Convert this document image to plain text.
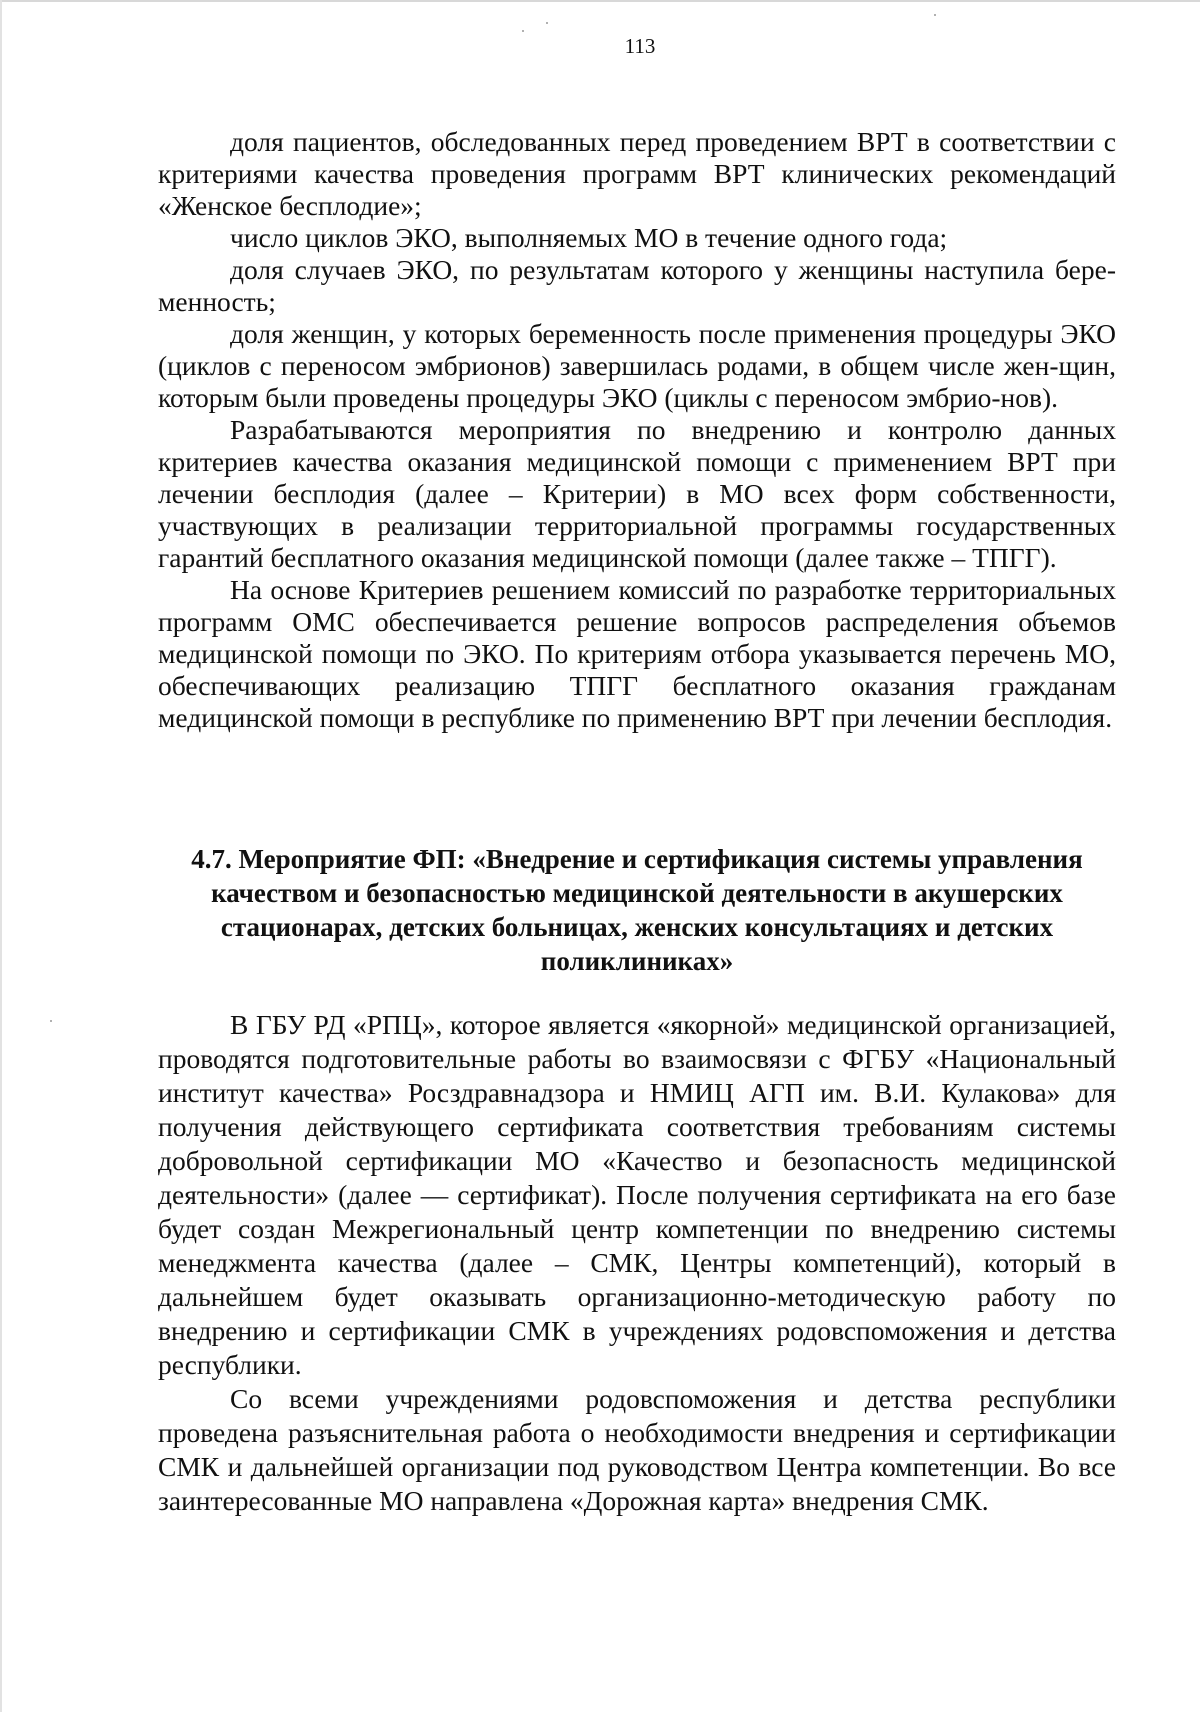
113

доля пациентов, обследованных перед проведением ВРТ в соответствии с критериями качества проведения программ ВРТ клинических рекомендаций «Женское бесплодие»;

число циклов ЭКО, выполняемых МО в течение одного года;

доля случаев ЭКО, по результатам которого у женщины наступила бере-менность;

доля женщин, у которых беременность после применения процедуры ЭКО (циклов с переносом эмбрионов) завершилась родами, в общем числе жен-щин, которым были проведены процедуры ЭКО (циклы с переносом эмбрио-нов).

Разрабатываются мероприятия по внедрению и контролю данных критериев качества оказания медицинской помощи с применением ВРТ при лечении бесплодия (далее – Критерии) в МО всех форм собственности, участвующих в реализации территориальной программы государственных гарантий бесплатного оказания медицинской помощи (далее также – ТПГГ).

На основе Критериев решением комиссий по разработке территориальных программ ОМС обеспечивается решение вопросов распределения объемов медицинской помощи по ЭКО. По критериям отбора указывается перечень МО, обеспечивающих реализацию ТПГГ бесплатного оказания гражданам медицинской помощи в республике по применению ВРТ при лечении бесплодия.

4.7. Мероприятие ФП: «Внедрение и сертификация системы управления качеством и безопасностью медицинской деятельности в акушерских стационарах, детских больницах, женских консультациях и детских поликлиниках»

В ГБУ РД «РПЦ», которое является «якорной» медицинской организацией, проводятся подготовительные работы во взаимосвязи с ФГБУ «Национальный институт качества» Росздравнадзора и НМИЦ АГП им. В.И. Кулакова» для получения действующего сертификата соответствия требованиям системы добровольной сертификации МО «Качество и безопасность медицинской деятельности» (далее — сертификат). После получения сертификата на его базе будет создан Межрегиональный центр компетенции по внедрению системы менеджмента качества (далее – СМК, Центры компетенций), который в дальнейшем будет оказывать организационно-методическую работу по внедрению и сертификации СМК в учреждениях родовспоможения и детства республики.

Со всеми учреждениями родовспоможения и детства республики проведена разъяснительная работа о необходимости внедрения и сертификации СМК и дальнейшей организации под руководством Центра компетенции. Во все заинтересованные МО направлена «Дорожная карта» внедрения СМК.
